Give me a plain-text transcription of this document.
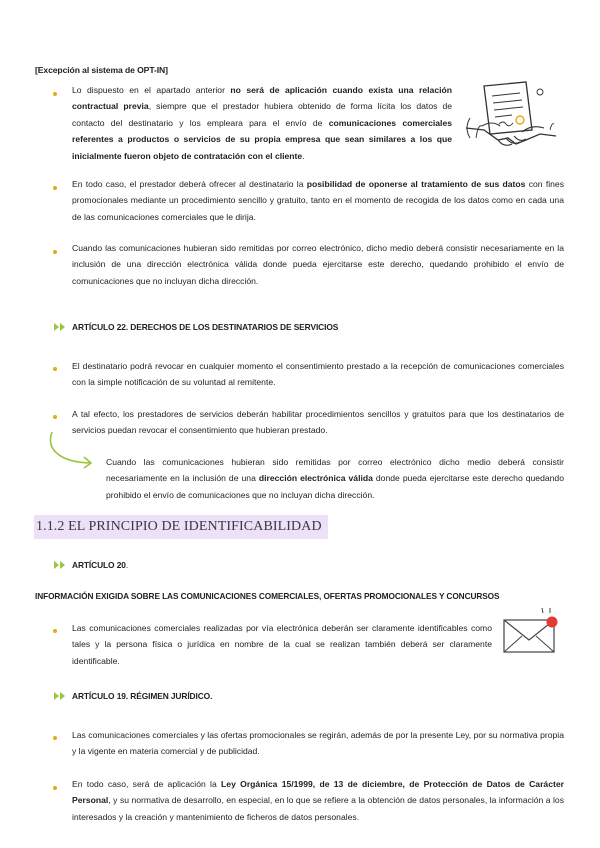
[Excepción al sistema de OPT-IN]
Lo dispuesto en el apartado anterior no será de aplicación cuando exista una relación contractual previa, siempre que el prestador hubiera obtenido de forma lícita los datos de contacto del destinatario y los empleara para el envío de comunicaciones comerciales referentes a productos o servicios de su propia empresa que sean similares a los que inicialmente fueron objeto de contratación con el cliente.
En todo caso, el prestador deberá ofrecer al destinatario la posibilidad de oponerse al tratamiento de sus datos con fines promocionales mediante un procedimiento sencillo y gratuito, tanto en el momento de recogida de los datos como en cada una de las comunicaciones comerciales que le dirija.
Cuando las comunicaciones hubieran sido remitidas por correo electrónico, dicho medio deberá consistir necesariamente en la inclusión de una dirección electrónica válida donde pueda ejercitarse este derecho, quedando prohibido el envío de comunicaciones que no incluyan dicha dirección.
ARTÍCULO 22. DERECHOS DE LOS DESTINATARIOS DE SERVICIOS
El destinatario podrá revocar en cualquier momento el consentimiento prestado a la recepción de comunicaciones comerciales con la simple notificación de su voluntad al remitente.
A tal efecto, los prestadores de servicios deberán habilitar procedimientos sencillos y gratuitos para que los destinatarios de servicios puedan revocar el consentimiento que hubieran prestado.
Cuando las comunicaciones hubieran sido remitidas por correo electrónico dicho medio deberá consistir necesariamente en la inclusión de una dirección electrónica válida donde pueda ejercitarse este derecho quedando prohibido el envío de comunicaciones que no incluyan dicha dirección.
1.1.2 EL PRINCIPIO DE IDENTIFICABILIDAD
ARTÍCULO 20.
INFORMACIÓN EXIGIDA SOBRE LAS COMUNICACIONES COMERCIALES, OFERTAS PROMOCIONALES Y CONCURSOS
Las comunicaciones comerciales realizadas por vía electrónica deberán ser claramente identificables como tales y la persona física o jurídica en nombre de la cual se realizan también deberá ser claramente identificable.
ARTÍCULO 19. RÉGIMEN JURÍDICO.
Las comunicaciones comerciales y las ofertas promocionales se regirán, además de por la presente Ley, por su normativa propia y la vigente en materia comercial y de publicidad.
En todo caso, será de aplicación la Ley Orgánica 15/1999, de 13 de diciembre, de Protección de Datos de Carácter Personal, y su normativa de desarrollo, en especial, en lo que se refiere a la obtención de datos personales, la información a los interesados y la creación y mantenimiento de ficheros de datos personales.
